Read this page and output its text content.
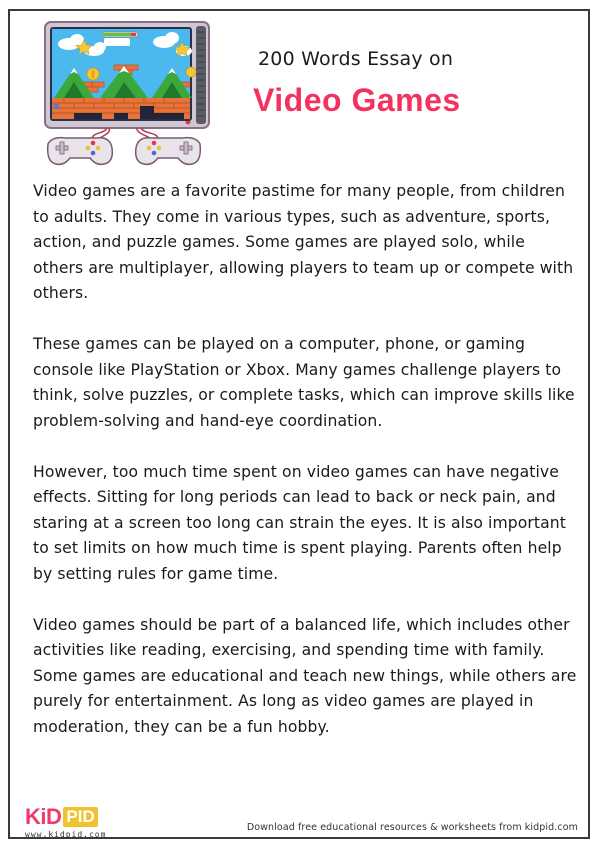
200 Words Essay on
Video Games

Video games are a favorite pastime for many people, from children to adults. They come in various types, such as adventure, sports, action, and puzzle games. Some games are played solo, while others are multiplayer, allowing players to team up or compete with others.

These games can be played on a computer, phone, or gaming console like PlayStation or Xbox. Many games challenge players to think, solve puzzles, or complete tasks, which can improve skills like problem-solving and hand-eye coordination.

However, too much time spent on video games can have negative effects. Sitting for long periods can lead to back or neck pain, and staring at a screen too long can strain the eyes. It is also important to set limits on how much time is spent playing. Parents often help by setting rules for game time.

Video games should be part of a balanced life, which includes other activities like reading, exercising, and spending time with family. Some games are educational and teach new things, while others are purely for entertainment. As long as video games are played in moderation, they can be a fun hobby.

KiD PID
www.kidpid.com
Download free educational resources & worksheets from kidpid.com
